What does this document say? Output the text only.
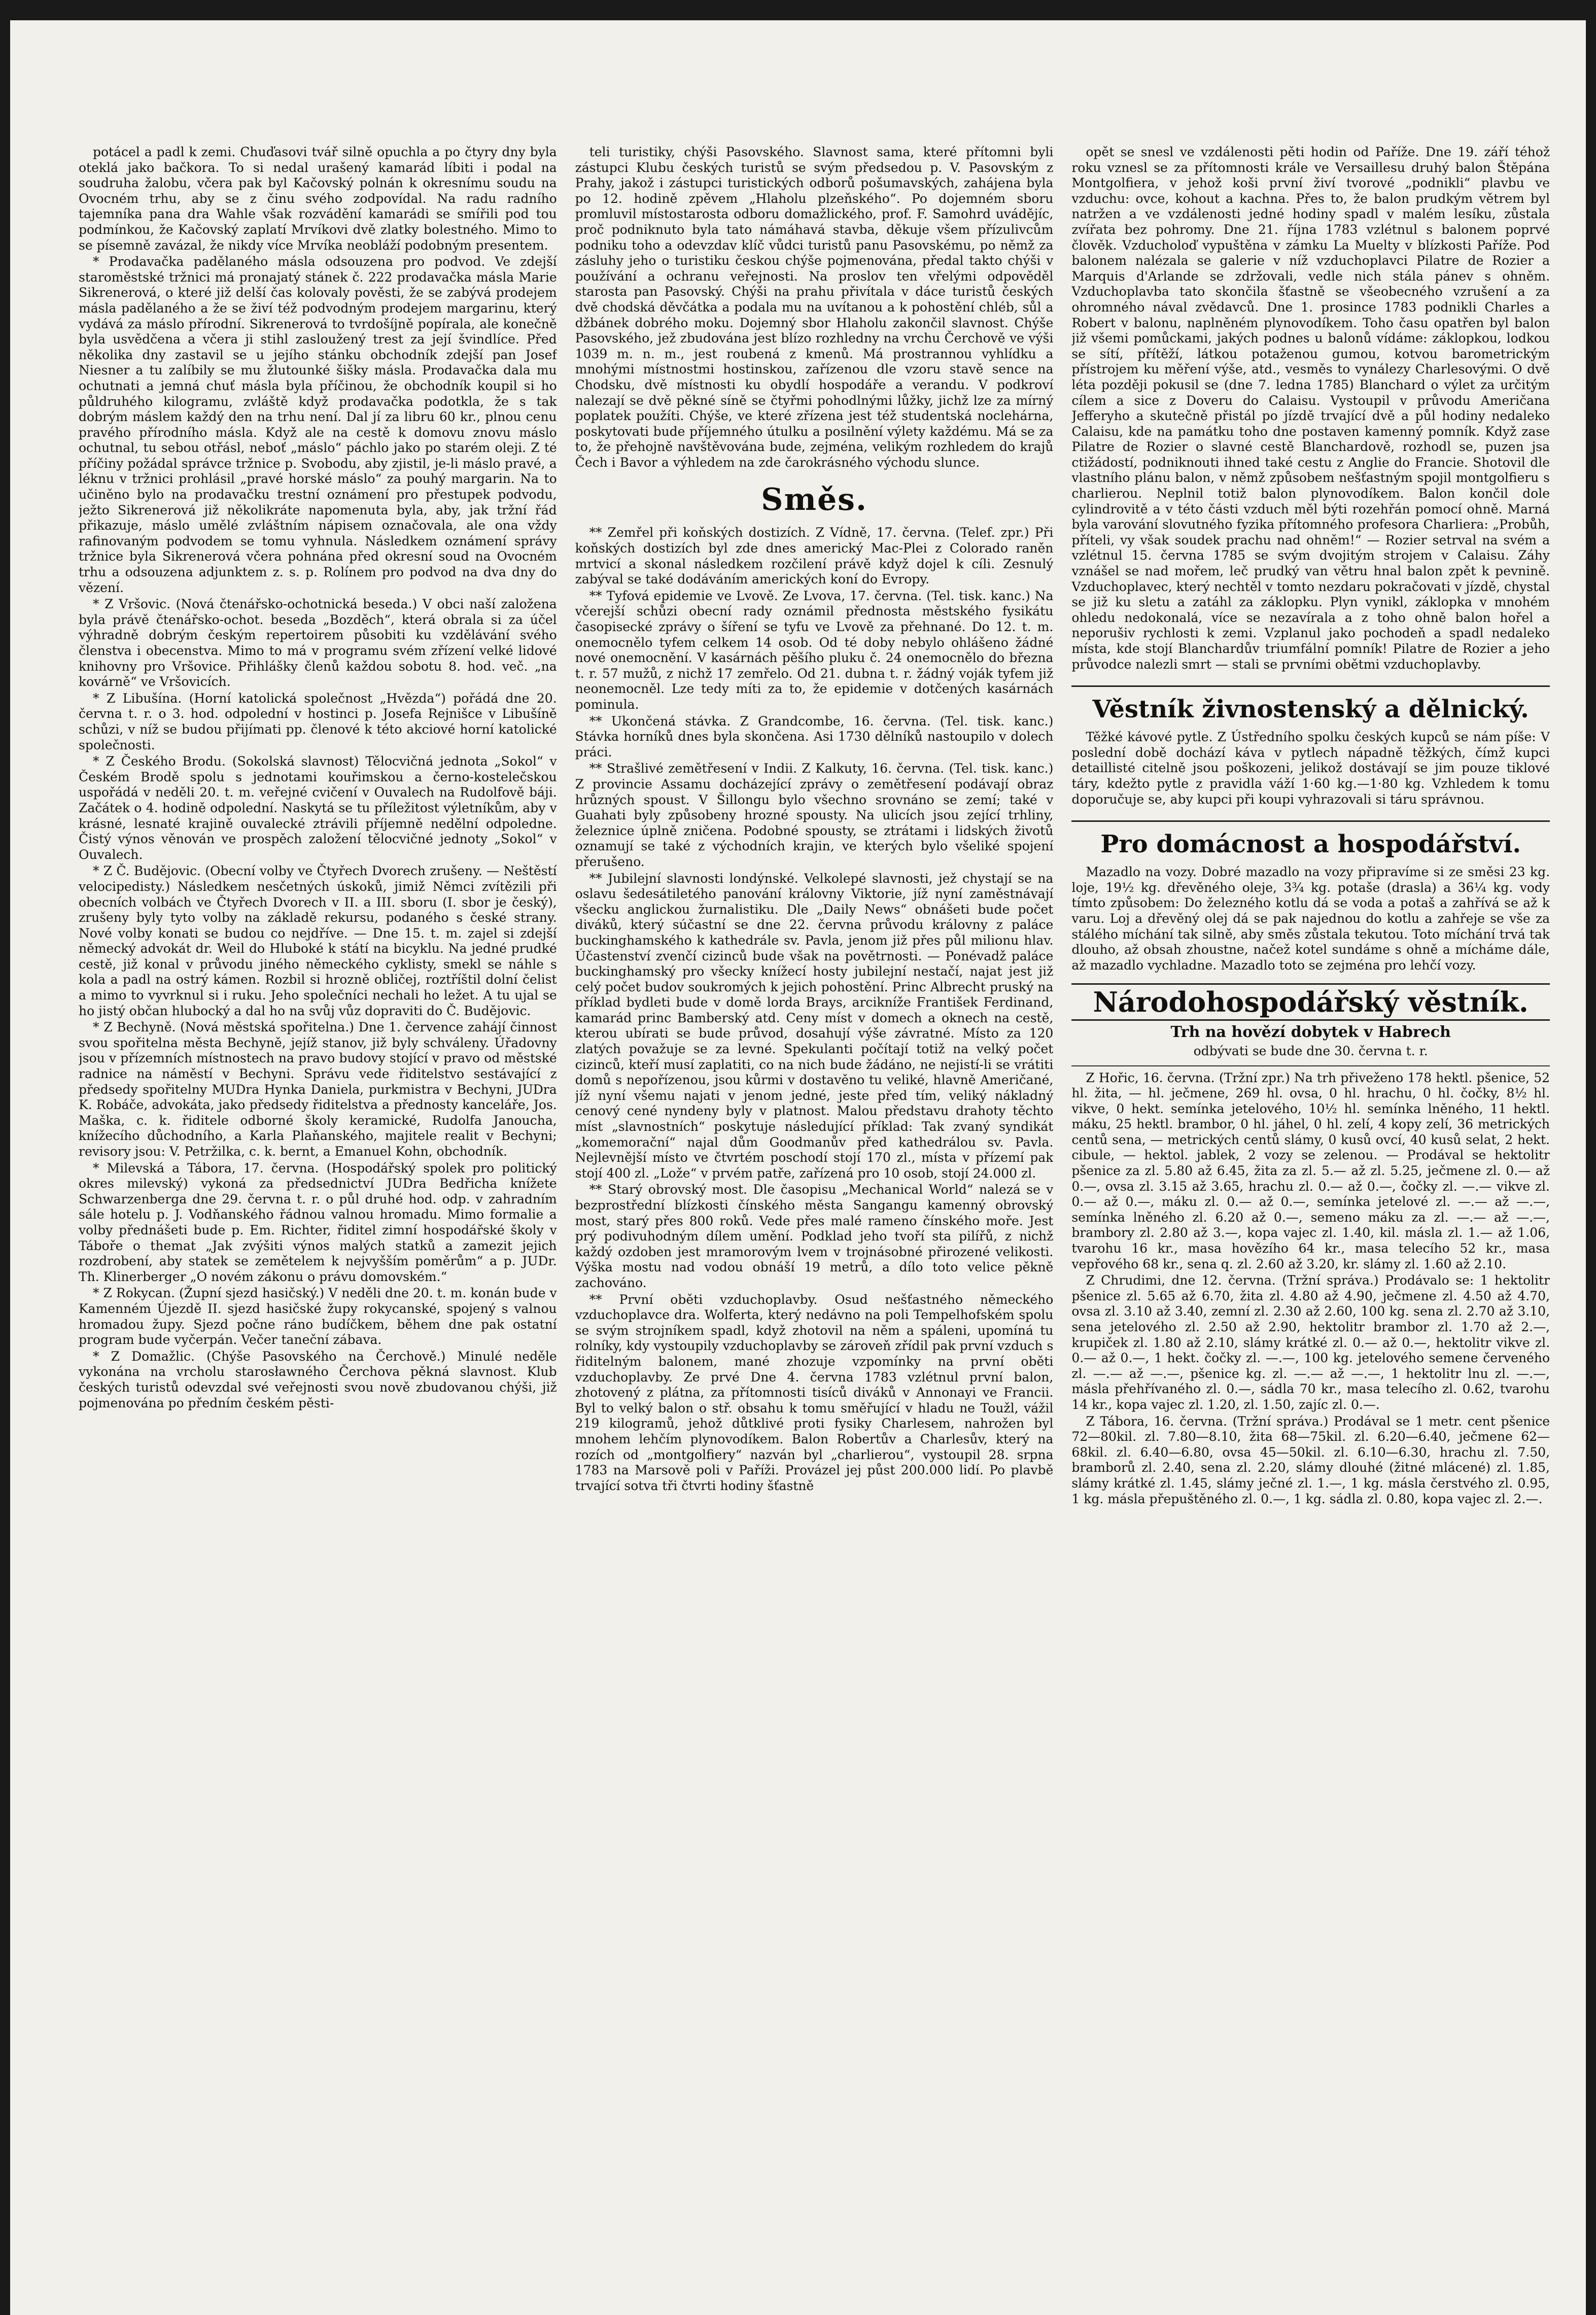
potácel a padl k zemi. Chuďasovi tvář silně opuchla a po čtyry dny byla oteklá jako bačkora. To si nedal urašený kamarád líbiti i podal na soudruha žalobu, včera pak byl Kačovský polnán k okresnímu soudu na Ovocném trhu, aby se z činu svého zodpovídal. Na radu radního tajemníka pana dra Wahle však rozvádění kamarádi se smířili pod tou podmínkou, že Kačovský zaplatí Mrvíkovi dvě zlatky bolestného. Mimo to se písemně zavázal, že nikdy více Mrvíka neobláží podobným presentem.

* Prodavačka padělaného másla odsouzena pro podvod. Ve zdejší staroměstské tržnici má pronajatý stánek č. 222 prodavačka másla Marie Sikrenerová, o které již delší čas kolovaly pověsti, že se zabývá prodejem másla padělaného a že se živí též podvodným prodejem margarinu, který vydává za máslo přírodní. Sikrenerová to tvrdošíjně popírala, ale konečně byla usvědčena a včera ji stihl zasloužený trest za její švindlíce. Před několika dny zastavil se u jejího stánku obchodník zdejší pan Josef Niesner a tu zalíbily se mu žlutounké šišky másla. Prodavačka dala mu ochutnati a jemná chuť másla byla příčinou, že obchodník koupil si ho půldruhého kilogramu, zvláště když prodavačka podotkla, že s tak dobrým máslem každý den na trhu není. Dal jí za libru 60 kr., plnou cenu pravého přírodního másla. Když ale na cestě k domovu znovu máslo ochutnal, tu sebou otřásl, neboť „máslo“ páchlo jako po starém oleji. Z té příčiny požádal správce tržnice p. Svobodu, aby zjistil, je-li máslo pravé, a léknu v tržnici prohlásil „pravé horské máslo“ za pouhý margarin. Na to učiněno bylo na prodavačku trestní oznámení pro přestupek podvodu, ježto Sikrenerová již několikráte napomenuta byla, aby, jak tržní řád přikazuje, máslo umělé zvláštním nápisem označovala, ale ona vždy rafinovaným podvodem se tomu vyhnula. Následkem oznámení správy tržnice byla Sikrenerová včera pohnána před okresní soud na Ovocném trhu a odsouzena adjunktem z. s. p. Rolínem pro podvod na dva dny do vězení.

* Z Vršovic. (Nová čtenářsko-ochotnická beseda.) V obci naší založena byla právě čtenářsko-ochot. beseda „Bozděch“, která obrala si za účel výhradně dobrým českým repertoirem působiti ku vzdělávání svého členstva i obecenstva. Mimo to má v programu svém zřízení velké lidové knihovny pro Vršovice. Přihlášky členů každou sobotu 8. hod. več. „na kovárně“ ve Vršovicích.

* Z Libušína. (Horní katolická společnost „Hvězda“) pořádá dne 20. června t. r. o 3. hod. odpolední v hostinci p. Josefa Rejnišce v Libušíně schůzi, v níž se budou přijímati pp. členové k této akciové horní katolické společnosti.

* Z Českého Brodu. (Sokolská slavnost) Tělocvičná jednota „Sokol“ v Českém Brodě spolu s jednotami kouřimskou a černo-kostelečskou uspořádá v neděli 20. t. m. veřejné cvičení v Ouvalech na Rudolfově báji. Začátek o 4. hodině odpolední. Naskytá se tu příležitost výletníkům, aby v krásné, lesnaté krajině ouvalecké ztrávili příjemně nedělní odpoledne. Čistý výnos věnován ve prospěch založení tělocvičné jednoty „Sokol“ v Ouvalech.

* Z Č. Budějovic. (Obecní volby ve Čtyřech Dvorech zrušeny. — Neštěstí velocipedisty.) Následkem nesčetných úskoků, jimiž Němci zvítězili při obecních volbách ve Čtyřech Dvorech v II. a III. sboru (I. sbor je český), zrušeny byly tyto volby na základě rekursu, podaného s české strany. Nové volby konati se budou co nejdříve. — Dne 15. t. m. zajel si zdejší německý advokát dr. Weil do Hluboké k státí na bicyklu. Na jedné prudké cestě, již konal v průvodu jiného německého cyklisty, smekl se náhle s kola a padl na ostrý kámen. Rozbil si hrozně obličej, roztříštil dolní čelist a mimo to vyvrknul si i ruku. Jeho společníci nechali ho ležet. A tu ujal se ho jistý občan hlubocký a dal ho na svůj vůz dopraviti do Č. Budějovic.

* Z Bechyně. (Nová městská spořitelna.) Dne 1. července zahájí činnost svou spořitelna města Bechyně, jejíž stanov, již byly schváleny. Úřadovny jsou v přízemních místnostech na pravo budovy stojící v pravo od městské radnice na náměstí v Bechyni. Správu vede řiditelstvo sestávající z předsedy spořitelny MUDra Hynka Daniela, purkmistra v Bechyni, JUDra K. Robáče, advokáta, jako předsedy řiditelstva a přednosty kanceláře, Jos. Maška, c. k. řiditele odborné školy keramické, Rudolfa Janoucha, knížecího důchodního, a Karla Plaňanského, majitele realit v Bechyni; revisory jsou: V. Petržilka, c. k. bernt, a Emanuel Kohn, obchodník.

* Milevská a Tábora, 17. června. (Hospodářský spolek pro politický okres milevský) vykoná za předsednictví JUDra Bedřicha knížete Schwarzenberga dne 29. června t. r. o půl druhé hod. odp. v zahradním sále hotelu p. J. Vodňanského řádnou valnou hromadu. Mimo formalie a volby přednášeti bude p. Em. Richter, řiditel zimní hospodářské školy v Táboře o themat „Jak zvýšiti výnos malých statků a zamezit jejich rozdrobení, aby statek se zemětelem k nejvyšším poměrům“ a p. JUDr. Th. Klinerberger „O novém zákonu o právu domovském.“

* Z Rokycan. (Župní sjezd hasičský.) V neděli dne 20. t. m. konán bude v Kamenném Újezdě II. sjezd hasičské župy rokycanské, spojený s valnou hromadou župy. Sjezd počne ráno budíčkem, během dne pak ostatní program bude vyčerpán. Večer taneční zábava.

* Z Domažlic. (Chýše Pasovského na Čerchově.) Minulé neděle vykonána na vrcholu starosławného Čerchova pěkná slavnost. Klub českých turistů odevzdal své veřejnosti svou nově zbudovanou chýši, již pojmenována po předním českém pěsti-

teli turistiky, chýši Pasovského. Slavnost sama, které přítomni byli zástupci Klubu českých turistů se svým předsedou p. V. Pasovským z Prahy, jakož i zástupci turistických odborů pošumavských, zahájena byla po 12. hodině zpěvem „Hlaholu plzeňského“. Po dojemném sboru promluvil místostarosta odboru domažlického, prof. F. Samohrd uvádějíc, proč podniknuto byla tato námáhavá stavba, děkuje všem přízulivcům podniku toho a odevzdav klíč vůdci turistů panu Pasovskému, po němž za zásluhy jeho o turistiku českou chýše pojmenována, předal takto chýši v používání a ochranu veřejnosti. Na proslov ten vřelými odpověděl starosta pan Pasovský. Chýši na prahu přivítala v dáce turistů českých dvě chodská děvčátka a podala mu na uvítanou a k pohostění chléb, sůl a džbánek dobrého moku. Dojemný sbor Hlaholu zakončil slavnost. Chýše Pasovského, jež zbudována jest blízo rozhledny na vrchu Čerchově ve výši 1039 m. n. m., jest roubená z kmenů. Má prostrannou vyhlídku a mnohými místnostmi hostinskou, zařízenou dle vzoru stavě sence na Chodsku, dvě místnosti ku obydlí hospodáře a verandu. V podkroví nalezají se dvě pěkné síně se čtyřmi pohodlnými lůžky, jichž lze za mírný poplatek použíti. Chýše, ve které zřízena jest též studentská noclehárna, poskytovati bude příjemného útulku a posilnění výlety každému. Má se za to, že přehojně navštěvována bude, zejména, velikým rozhledem do krajů Čech i Bavor a výhledem na zde čarokrásného východu slunce.

Směs.

** Zemřel při koňských dostizích. Z Vídně, 17. června. (Telef. zpr.) Při koňských dostizích byl zde dnes americký Mac-Plei z Colorado raněn mrtvicí a skonal následkem rozčilení právě když dojel k cíli. Zesnulý zabýval se také dodáváním amerických koní do Evropy.

** Tyfová epidemie ve Lvově. Ze Lvova, 17. června. (Tel. tisk. kanc.) Na včerejší schůzi obecní rady oznámil přednosta městského fysikátu časopisecké zprávy o šíření se tyfu ve Lvově za přehnané. Do 12. t. m. onemocnělo tyfem celkem 14 osob. Od té doby nebylo ohlášeno žádné nové onemocnění. V kasárnách pěšího pluku č. 24 onemocnělo do března t. r. 57 mužů, z nichž 17 zemřelo. Od 21. dubna t. r. žádný voják tyfem již neonemocněl. Lze tedy míti za to, že epidemie v dotčených kasárnách pominula.

** Ukončená stávka. Z Grandcombe, 16. června. (Tel. tisk. kanc.) Stávka horníků dnes byla skončena. Asi 1730 dělníků nastoupilo v dolech práci.

** Strašlivé zemětřesení v Indii. Z Kalkuty, 16. června. (Tel. tisk. kanc.) Z provincie Assamu docházející zprávy o zemětřesení podávají obraz hrůzných spoust. V Šillongu bylo všechno srovnáno se zemí; také v Guahati byly způsobeny hrozné spousty. Na ulicích jsou zející trhliny, železnice úplně zničena. Podobné spousty, se ztrátami i lidských životů oznamují se také z východních krajin, ve kterých bylo všeliké spojení přerušeno.

** Jubilejní slavnosti londýnské. Velkolepé slavnosti, jež chystají se na oslavu šedesátiletého panování královny Viktorie, jíž nyní zaměstnávají všecku anglickou žurnalistiku. Dle „Daily News“ obnášeti bude počet diváků, který súčastní se dne 22. června průvodu královny z paláce buckinghamského k kathedrále sv. Pavla, jenom již přes půl milionu hlav. Účastenství zvenčí cizinců bude však na povětrnosti. — Ponévadž paláce buckinghamský pro všecky knížecí hosty jubilejní nestačí, najat jest již celý počet budov soukromých k jejich pohostění. Princ Albrecht pruský na příklad bydleti bude v domě lorda Brays, arcikníže František Ferdinand, kamarád princ Bamberský atd. Ceny míst v domech a oknech na cestě, kterou ubírati se bude průvod, dosahují výše závratné. Místo za 120 zlatých považuje se za levné. Spekulanti počítají totiž na velký počet cizinců, kteří musí zaplatiti, co na nich bude žádáno, ne nejistí-li se vrátiti domů s nepořízenou, jsou kůrmi v dostavěno tu veliké, hlavně Američané, jíž nyní všemu najati v jenom jedné, jeste před tím, veliký nákladný cenový cené nyndeny byly v platnost. Malou představu drahoty těchto míst „slavnostních“ poskytuje následující příklad: Tak zvaný syndikát „komemorační“ najal dům Goodmanův před kathedrálou sv. Pavla. Nejlevnější místo ve čtvrtém poschodí stojí 170 zl., místa v přízemí pak stojí 400 zl. „Lože“ v prvém patře, zařízená pro 10 osob, stojí 24.000 zl.

** Starý obrovský most. Dle časopisu „Mechanical World“ nalezá se v bezprostřední blízkosti čínského města Sangangu kamenný obrovský most, starý přes 800 roků. Vede přes malé rameno čínského moře. Jest prý podivuhodným dílem umění. Podklad jeho tvoří sta pilířů, z nichž každý ozdoben jest mramorovým lvem v trojnásobné přirozené velikosti. Výška mostu nad vodou obnáší 19 metrů, a dílo toto velice pěkně zachováno.

** První oběti vzduchoplavby. Osud nešťastného německého vzduchoplavce dra. Wolferta, který nedávno na poli Tempelhofském spolu se svým strojníkem spadl, když zhotovil na něm a spáleni, upomíná tu rolníky, kdy vystoupily vzduchoplavby se zároveň zřídil pak první vzduch s řiditelným balonem, mané zhozuje vzpomínky na první oběti vzduchoplavby. Ze prvé Dne 4. června 1783 vzlétnul první balon, zhotovený z plátna, za přítomnosti tisíců diváků v Annonayi ve Francii. Byl to velký balon o stř. obsahu k tomu směřující v hladu ne Toužl, vážil 219 kilogramů, jehož důtklivé proti fysiky Charlesem, nahrožen byl mnohem lehčím plynovodíkem. Balon Robertův a Charlesův, který na rozích od „montgolfiery“ nazván byl „charlierou“, vystoupil 28. srpna 1783 na Marsově poli v Paříži. Provázel jej půst 200.000 lidí. Po plavbě trvající sotva tři čtvrti hodiny šťastně

opět se snesl ve vzdálenosti pěti hodin od Paříže. Dne 19. září téhož roku vznesl se za přítomnosti krále ve Versaillesu druhý balon Štěpána Montgolfiera, v jehož koši první živí tvorové „podnikli“ plavbu ve vzduchu: ovce, kohout a kachna. Přes to, že balon prudkým větrem byl natržen a ve vzdálenosti jedné hodiny spadl v malém lesíku, zůstala zvířata bez pohromy. Dne 21. října 1783 vzlétnul s balonem poprvé člověk. Vzducholoď vypuštěna v zámku La Muelty v blízkosti Paříže. Pod balonem nalézala se galerie v níž vzduchoplavci Pilatre de Rozier a Marquis d'Arlande se zdržovali, vedle nich stála pánev s ohněm. Vzduchoplavba tato skončila šťastně se všeobecného vzrušení a za ohromného nával zvědavců. Dne 1. prosince 1783 podnikli Charles a Robert v balonu, naplněném plynovodíkem. Toho času opatřen byl balon již všemi pomůckami, jakých podnes u balonů vídáme: záklopkou, lodkou se sítí, přítěží, látkou potaženou gumou, kotvou barometrickým přístrojem ku měření výše, atd., vesměs to vynálezy Charlesovými. O dvě léta později pokusil se (dne 7. ledna 1785) Blanchard o výlet za určitým cílem a sice z Doveru do Calaisu. Vystoupil v průvodu Američana Jefferyho a skutečně přistál po jízdě trvající dvě a půl hodiny nedaleko Calaisu, kde na památku toho dne postaven kamenný pomník. Když zase Pilatre de Rozier o slavné cestě Blanchardově, rozhodl se, puzen jsa ctižádostí, podniknouti ihned také cestu z Anglie do Francie. Shotovil dle vlastního plánu balon, v němž způsobem nešťastným spojil montgolfieru s charlierou. Neplnil totiž balon plynovodíkem. Balon končil dole cylindrovitě a v této části vzduch měl býti rozehřán pomocí ohně. Marná byla varování slovutného fyzika přítomného profesora Charliera: „Probůh, příteli, vy však soudek prachu nad ohněm!“ — Rozier setrval na svém a vzlétnul 15. června 1785 se svým dvojitým strojem v Calaisu. Záhy vznášel se nad mořem, leč prudký van větru hnal balon zpět k pevnině. Vzduchoplavec, který nechtěl v tomto nezdaru pokračovati v jízdě, chystal se již ku sletu a zatáhl za záklopku. Plyn vynikl, záklopka v mnohém ohledu nedokonalá, více se nezavírala a z toho ohně balon hořel a neporušiv rychlosti k zemi. Vzplanul jako pochodeň a spadl nedaleko místa, kde stojí Blanchardův triumfální pomník! Pilatre de Rozier a jeho průvodce nalezli smrt — stali se prvními obětmi vzduchoplavby.

Věstník živnostenský a dělnický.

Těžké kávové pytle. Z Ústředního spolku českých kupců se nám píše: V poslední době dochází káva v pytlech nápadně těžkých, čímž kupci detaillisté citelně jsou poškozeni, jelikož dostávají se jim pouze tiklové táry, kdežto pytle z pravidla váží 1·60 kg.—1·80 kg. Vzhledem k tomu doporučuje se, aby kupci při koupi vyhrazovali si táru správnou.

Pro domácnost a hospodářství.

Mazadlo na vozy. Dobré mazadlo na vozy připravíme si ze směsi 23 kg. loje, 19½ kg. dřevěného oleje, 3¾ kg. potaše (drasla) a 36¼ kg. vody tímto způsobem: Do železného kotlu dá se voda a potaš a zahřívá se až k varu. Loj a dřevěný olej dá se pak najednou do kotlu a zahřeje se vše za stálého míchání tak silně, aby směs zůstala tekutou. Toto míchání trvá tak dlouho, až obsah zhoustne, načež kotel sundáme s ohně a mícháme dále, až mazadlo vychladne. Mazadlo toto se zejména pro lehčí vozy.

Národohospodářský věstník.
Trh na hovězí dobytek v Habrech

odbývati se bude dne 30. června t. r.

Z Hořic, 16. června. (Tržní zpr.) Na trh přiveženo 178 hektl. pšenice, 52 hl. žita, — hl. ječmene, 269 hl. ovsa, 0 hl. hrachu, 0 hl. čočky, 8½ hl. vikve, 0 hekt. semínka jetelového, 10½ hl. semínka lněného, 11 hektl. máku, 25 hektl. brambor, 0 hl. jáhel, 0 hl. zelí, 4 kopy zelí, 36 metrických centů sena, — metrických centů slámy, 0 kusů ovcí, 40 kusů selat, 2 hekt. cibule, — hektol. jablek, 2 vozy se zelenou. — Prodával se hektolitr pšenice za zl. 5.80 až 6.45, žita za zl. 5.— až zl. 5.25, ječmene zl. 0.— až 0.—, ovsa zl. 3.15 až 3.65, hrachu zl. 0.— až 0.—, čočky zl. —.— vikve zl. 0.— až 0.—, máku zl. 0.— až 0.—, semínka jetelové zl. —.— až —.—, semínka lněného zl. 6.20 až 0.—, semeno máku za zl. —.— až —.—, brambory zl. 2.80 až 3.—, kopa vajec zl. 1.40, kil. másla zl. 1.— až 1.06, tvarohu 16 kr., masa hovězího 64 kr., masa telecího 52 kr., masa vepřového 68 kr., sena q. zl. 2.60 až 3.20, kr. slámy zl. 1.60 až 2.10.

Z Chrudimi, dne 12. června. (Tržní správa.) Prodávalo se: 1 hektolitr pšenice zl. 5.65 až 6.70, žita zl. 4.80 až 4.90, ječmene zl. 4.50 až 4.70, ovsa zl. 3.10 až 3.40, zemní zl. 2.30 až 2.60, 100 kg. sena zl. 2.70 až 3.10, sena jetelového zl. 2.50 až 2.90, hektolitr brambor zl. 1.70 až 2.—, krupiček zl. 1.80 až 2.10, slámy krátké zl. 0.— až 0.—, hektolitr vikve zl. 0.— až 0.—, 1 hekt. čočky zl. —.—, 100 kg. jetelového semene červeného zl. —.— až —.—, pšenice kg. zl. —.— až —.—, 1 hektolitr lnu zl. —.—, másla přehřívaného zl. 0.—, sádla 70 kr., masa telecího zl. 0.62, tvarohu 14 kr., kopa vajec zl. 1.20, zl. 1.50, zajíc zl. 0.—.

Z Tábora, 16. června. (Tržní správa.) Prodával se 1 metr. cent pšenice 72—80kil. zl. 7.80—8.10, žita 68—75kil. zl. 6.20—6.40, ječmene 62—68kil. zl. 6.40—6.80, ovsa 45—50kil. zl. 6.10—6.30, hrachu zl. 7.50, bramborů zl. 2.40, sena zl. 2.20, slámy dlouhé (žitné mlácené) zl. 1.85, slámy krátké zl. 1.45, slámy ječné zl. 1.—, 1 kg. másla čerstvého zl. 0.95, 1 kg. másla přepuštěného zl. 0.—, 1 kg. sádla zl. 0.80, kopa vajec zl. 2.—.
